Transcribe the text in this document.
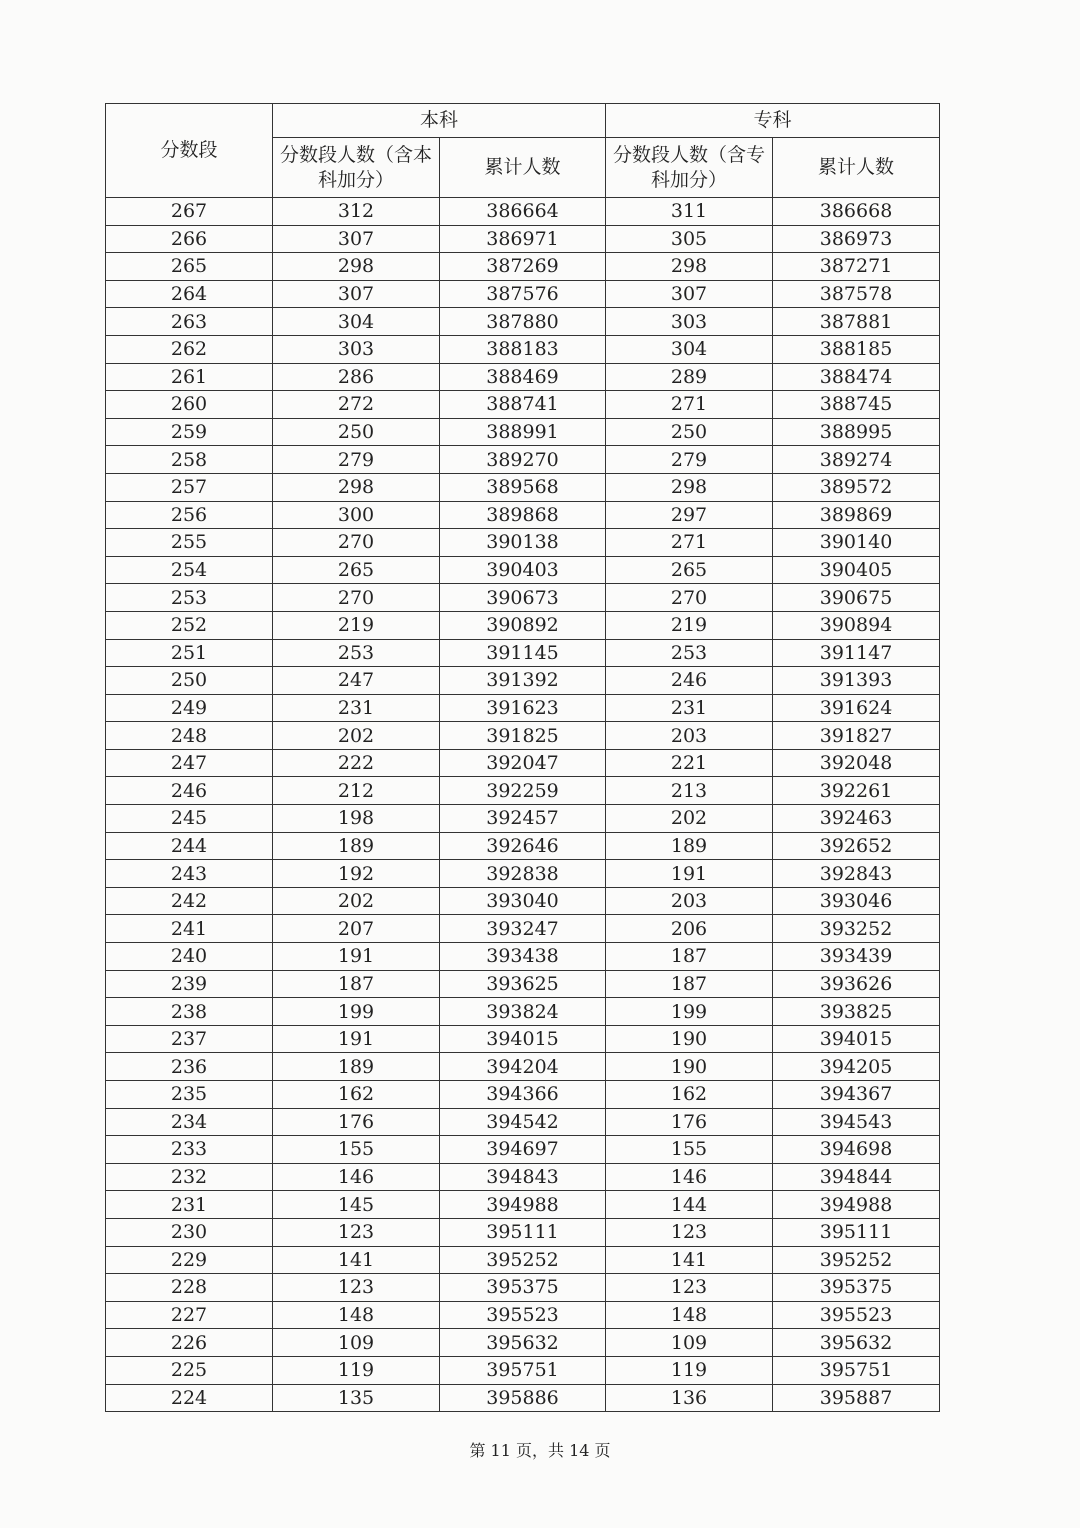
分数段	本科		专科	
	分数段人数（含本科加分）	累计人数	分数段人数（含专科加分）	累计人数
267	312	386664	311	386668
266	307	386971	305	386973
265	298	387269	298	387271
264	307	387576	307	387578
263	304	387880	303	387881
262	303	388183	304	388185
261	286	388469	289	388474
260	272	388741	271	388745
259	250	388991	250	388995
258	279	389270	279	389274
257	298	389568	298	389572
256	300	389868	297	389869
255	270	390138	271	390140
254	265	390403	265	390405
253	270	390673	270	390675
252	219	390892	219	390894
251	253	391145	253	391147
250	247	391392	246	391393
249	231	391623	231	391624
248	202	391825	203	391827
247	222	392047	221	392048
246	212	392259	213	392261
245	198	392457	202	392463
244	189	392646	189	392652
243	192	392838	191	392843
242	202	393040	203	393046
241	207	393247	206	393252
240	191	393438	187	393439
239	187	393625	187	393626
238	199	393824	199	393825
237	191	394015	190	394015
236	189	394204	190	394205
235	162	394366	162	394367
234	176	394542	176	394543
233	155	394697	155	394698
232	146	394843	146	394844
231	145	394988	144	394988
230	123	395111	123	395111
229	141	395252	141	395252
228	123	395375	123	395375
227	148	395523	148	395523
226	109	395632	109	395632
225	119	395751	119	395751
224	135	395886	136	395887
第 11 页，共 14 页
